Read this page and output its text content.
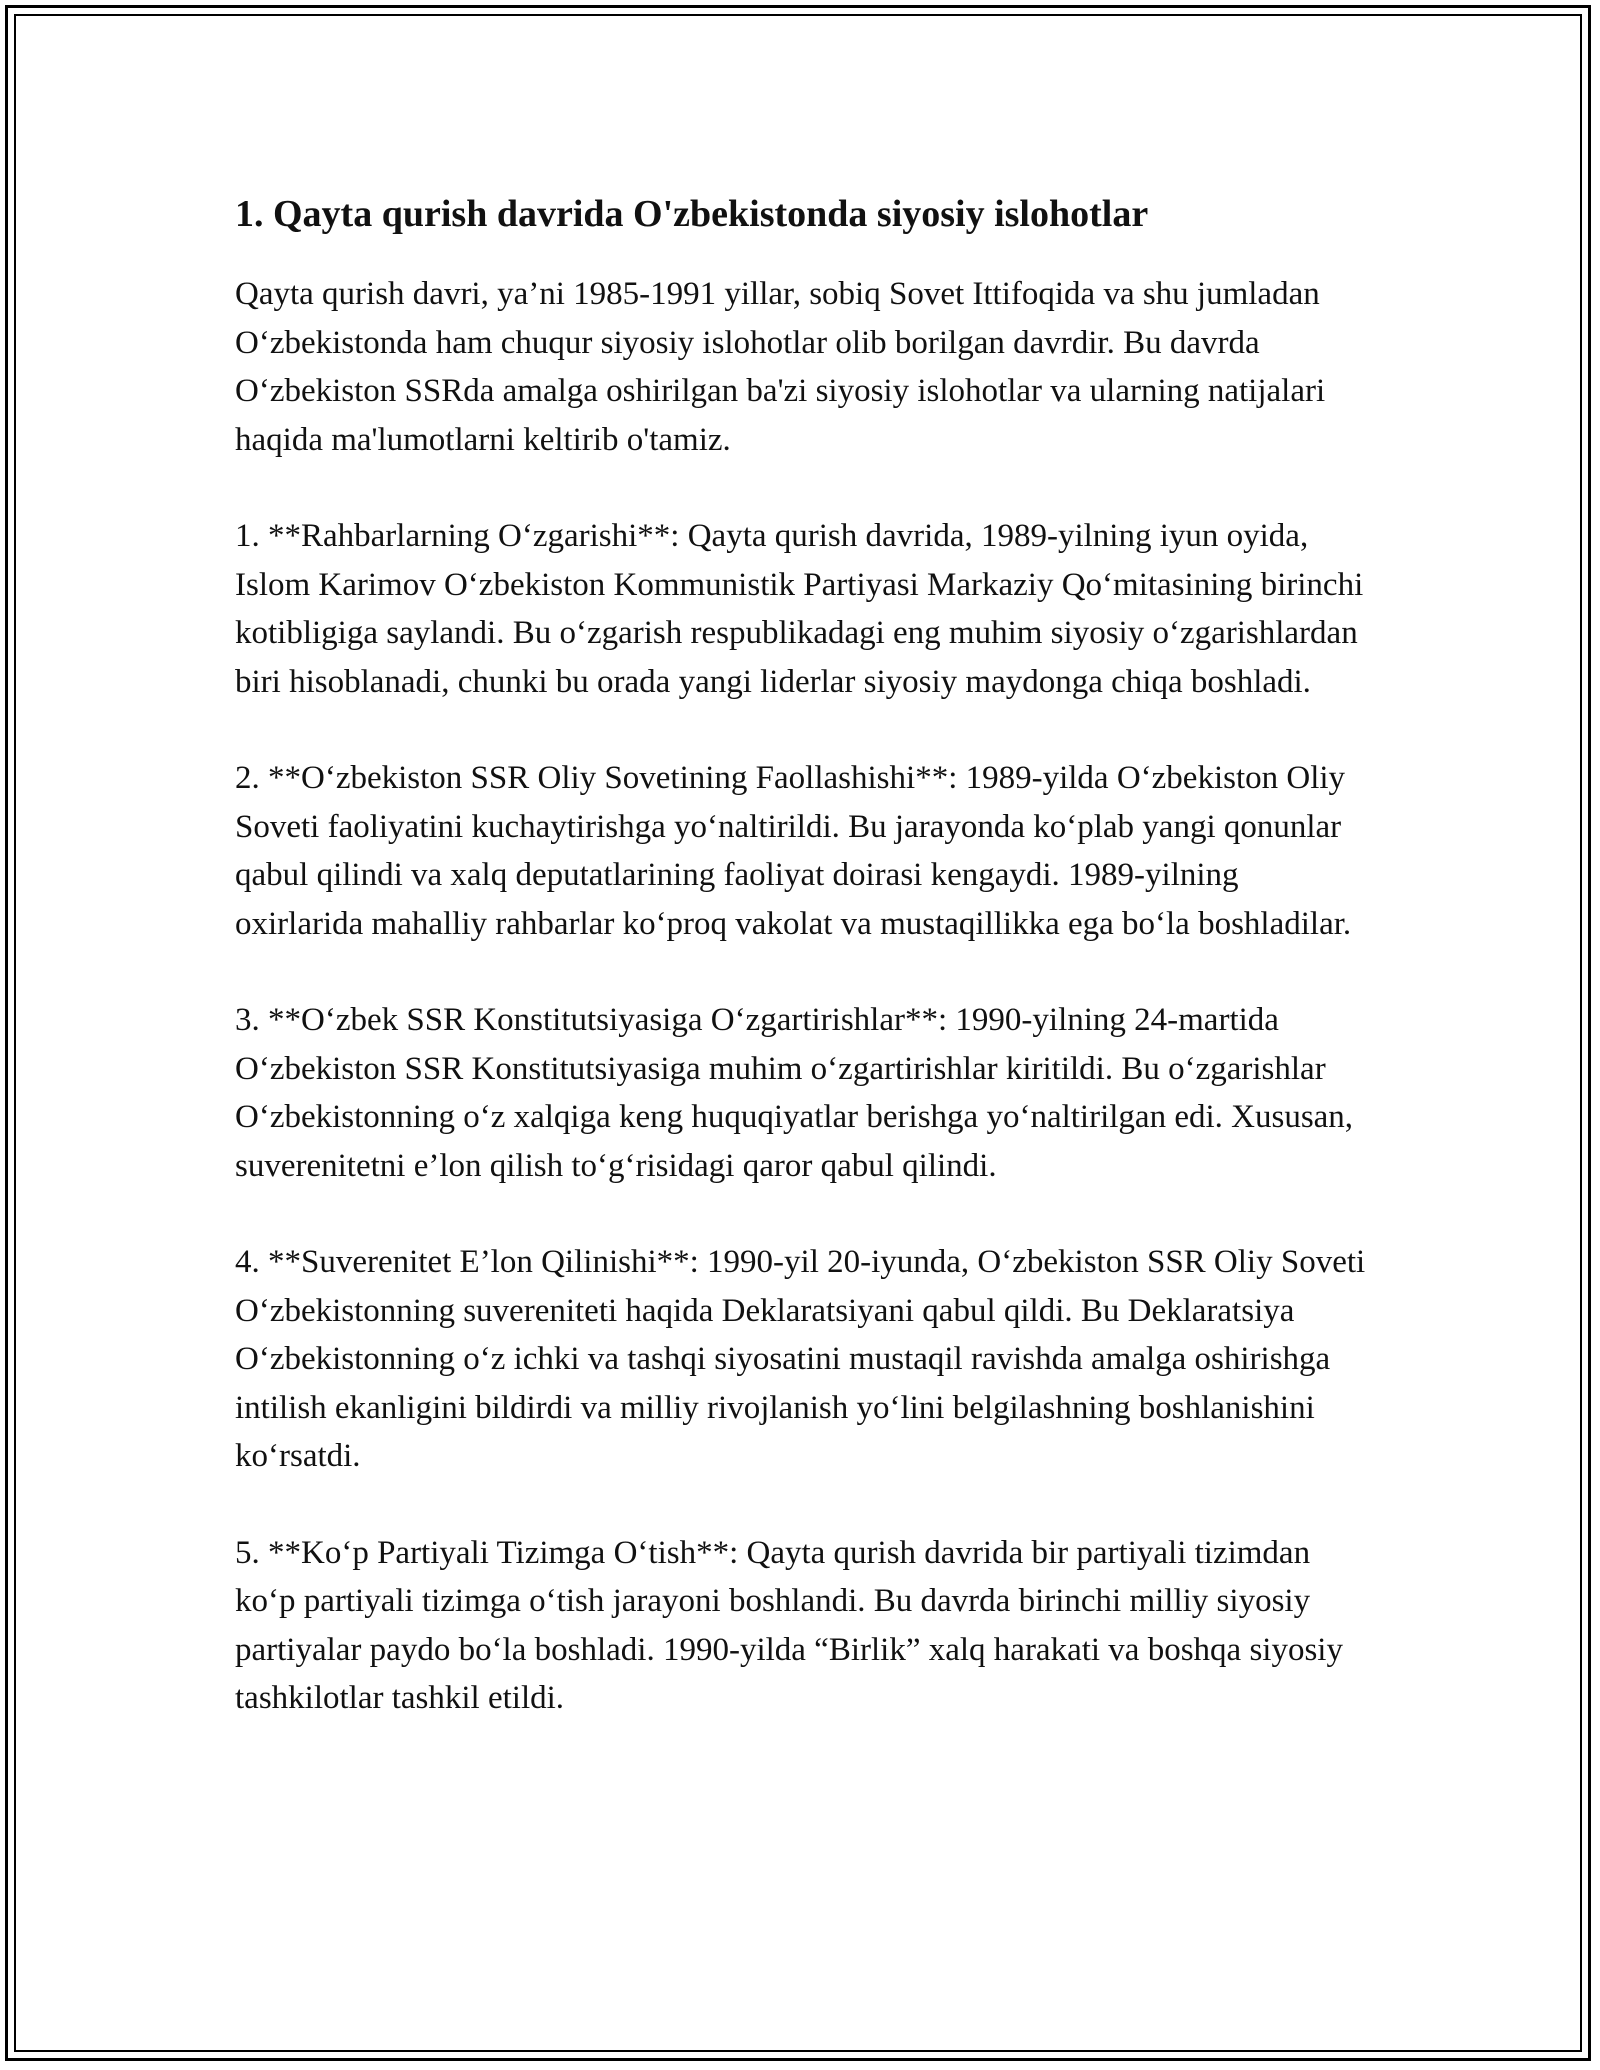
1. Qayta qurish davrida O'zbekistonda siyosiy islohotlar

Qayta qurish davri, ya’ni 1985-1991 yillar, sobiq Sovet Ittifoqida va shu jumladan O‘zbekistonda ham chuqur siyosiy islohotlar olib borilgan davrdir. Bu davrda O‘zbekiston SSRda amalga oshirilgan ba'zi siyosiy islohotlar va ularning natijalari haqida ma'lumotlarni keltirib o'tamiz.

1. **Rahbarlarning O‘zgarishi**: Qayta qurish davrida, 1989-yilning iyun oyida, Islom Karimov O‘zbekiston Kommunistik Partiyasi Markaziy Qo‘mitasining birinchi kotibligiga saylandi. Bu o‘zgarish respublikadagi eng muhim siyosiy o‘zgarishlardan biri hisoblanadi, chunki bu orada yangi liderlar siyosiy maydonga chiqa boshladi.

2. **O‘zbekiston SSR Oliy Sovetining Faollashishi**: 1989-yilda O‘zbekiston Oliy Soveti faoliyatini kuchaytirishga yo‘naltirildi. Bu jarayonda ko‘plab yangi qonunlar qabul qilindi va xalq deputatlarining faoliyat doirasi kengaydi. 1989-yilning oxirlarida mahalliy rahbarlar ko‘proq vakolat va mustaqillikka ega bo‘la boshladilar.

3. **O‘zbek SSR Konstitutsiyasiga O‘zgartirishlar**: 1990-yilning 24-martida O‘zbekiston SSR Konstitutsiyasiga muhim o‘zgartirishlar kiritildi. Bu o‘zgarishlar O‘zbekistonning o‘z xalqiga keng huquqiyatlar berishga yo‘naltirilgan edi. Xususan, suverenitetni e’lon qilish to‘g‘risidagi qaror qabul qilindi.

4. **Suverenitet E’lon Qilinishi**: 1990-yil 20-iyunda, O‘zbekiston SSR Oliy Soveti O‘zbekistonning suvereniteti haqida Deklaratsiyani qabul qildi. Bu Deklaratsiya O‘zbekistonning o‘z ichki va tashqi siyosatini mustaqil ravishda amalga oshirishga intilish ekanligini bildirdi va milliy rivojlanish yo‘lini belgilashning boshlanishini ko‘rsatdi.

5. **Ko‘p Partiyali Tizimga O‘tish**: Qayta qurish davrida bir partiyali tizimdan ko‘p partiyali tizimga o‘tish jarayoni boshlandi. Bu davrda birinchi milliy siyosiy partiyalar paydo bo‘la boshladi. 1990-yilda “Birlik” xalq harakati va boshqa siyosiy tashkilotlar tashkil etildi.
